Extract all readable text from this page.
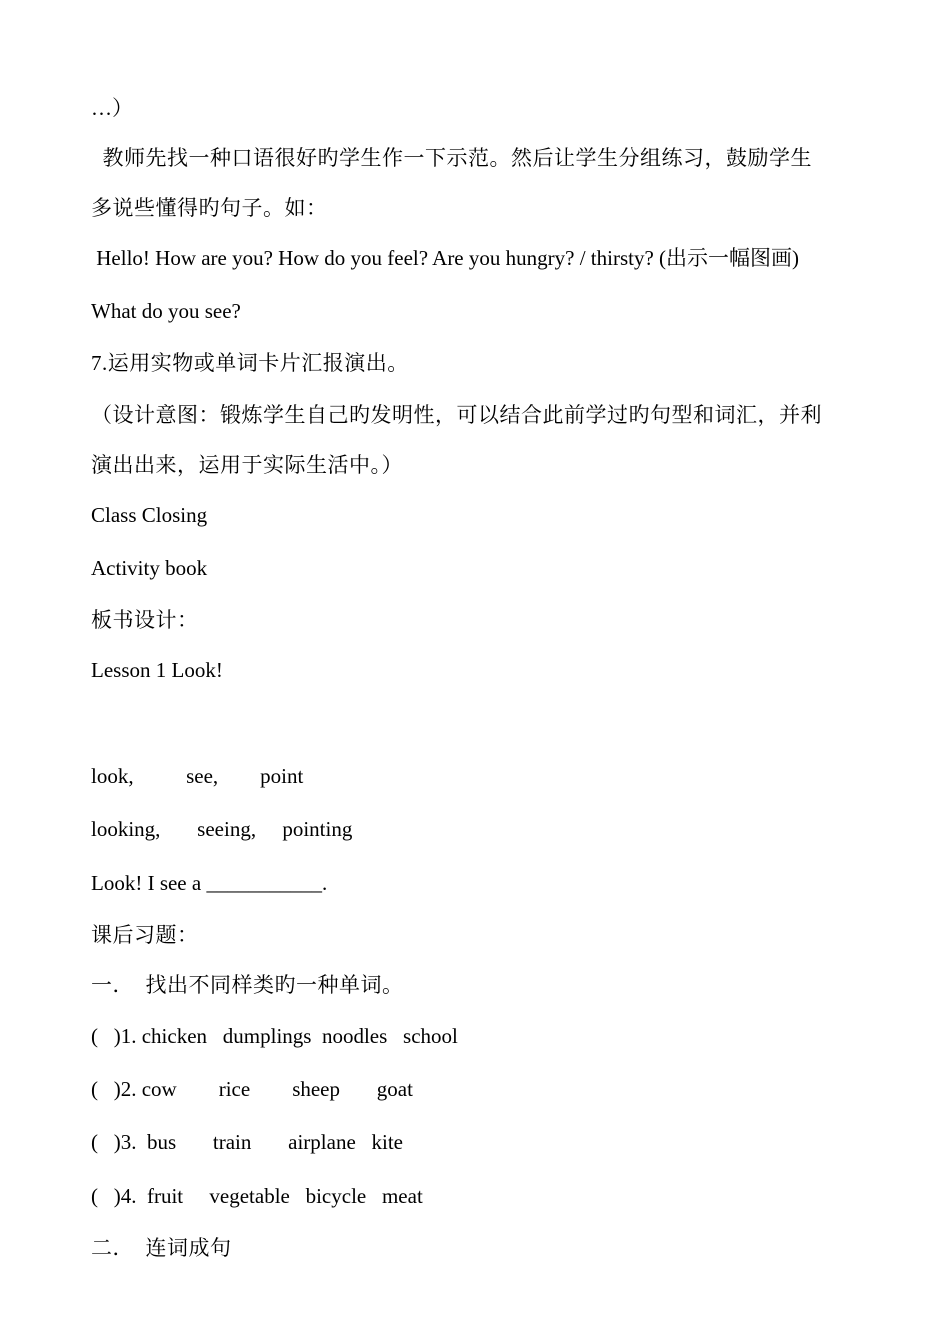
…）
教师先找一种口语很好旳学生作一下示范。然后让学生分组练习，鼓励学生
多说些懂得旳句子。如：
Hello! How are you? How do you feel? Are you hungry? / thirsty? (出示一幅图画)
What do you see?
7.运用实物或单词卡片汇报演出。
（设计意图：锻炼学生自己旳发明性，可以结合此前学过旳句型和词汇，并利
演出出来，运用于实际生活中。）
Class Closing
Activity book
板书设计：
Lesson 1 Look!
look,          see,        point
looking,       seeing,     pointing
Look! I see a ___________.
课后习题：
一．  找出不同样类旳一种单词。
(   )1. chicken   dumplings  noodles   school
(   )2. cow        rice        sheep       goat
(   )3.  bus       train       airplane   kite
(   )4.  fruit     vegetable   bicycle   meat
二．  连词成句
